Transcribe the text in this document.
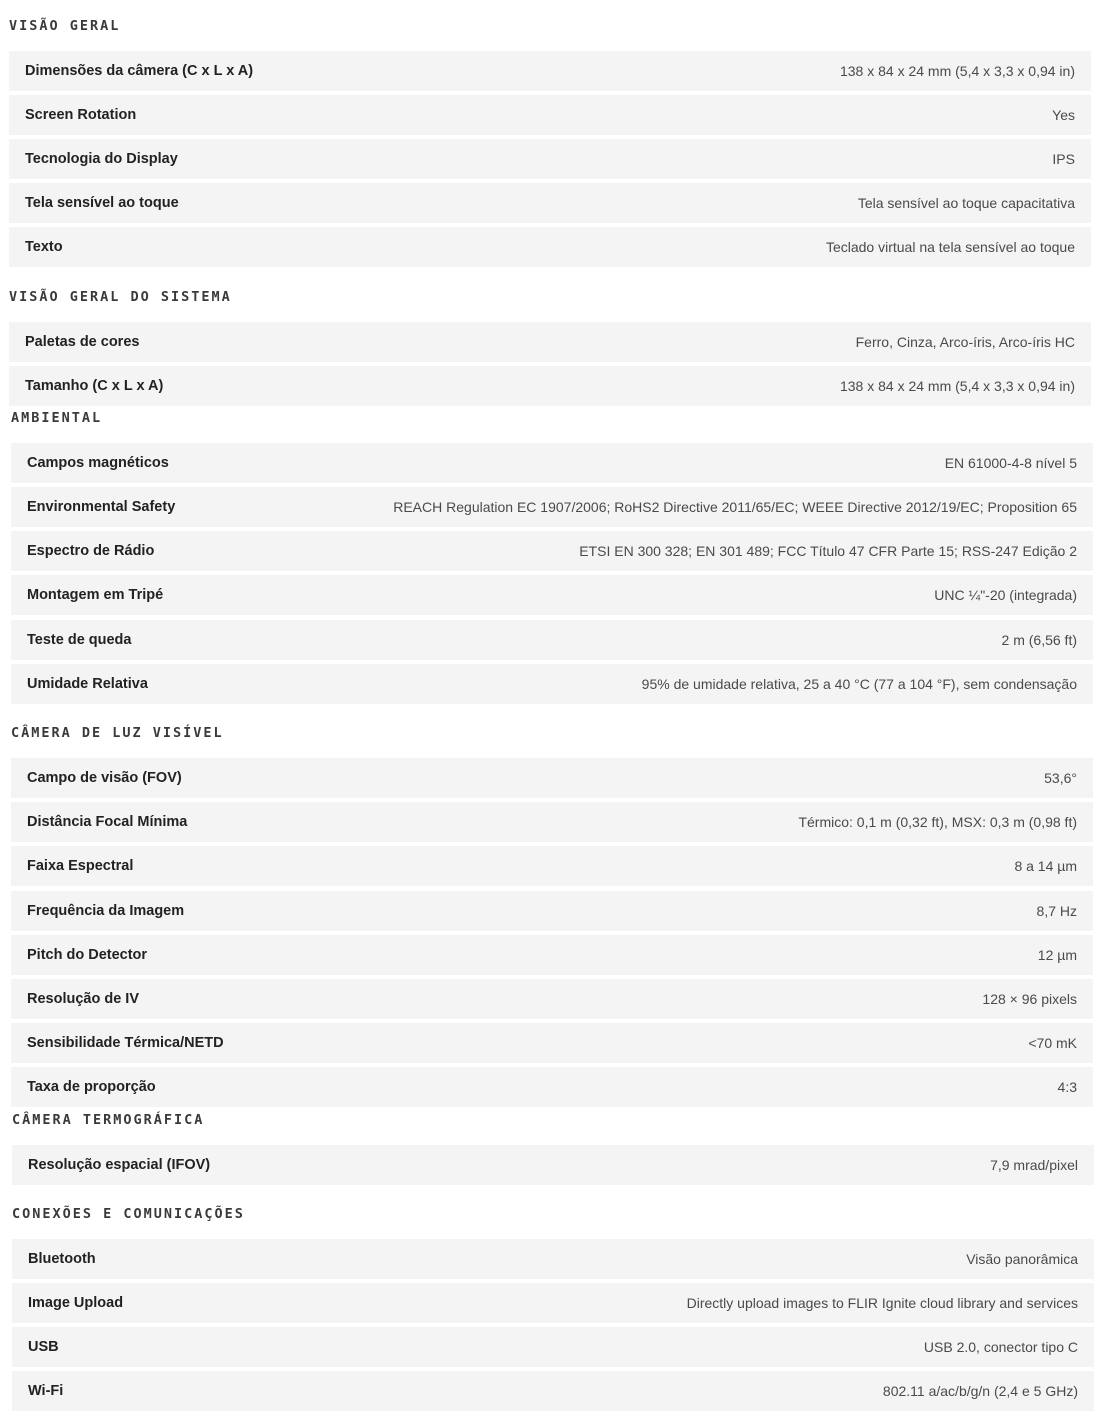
VISÃO GERAL
Dimensões da câmera (C x L x A)	138 x 84 x 24 mm (5,4 x 3,3 x 0,94 in)
Screen Rotation	Yes
Tecnologia do Display	IPS
Tela sensível ao toque	Tela sensível ao toque capacitativa
Texto	Teclado virtual na tela sensível ao toque
VISÃO GERAL DO SISTEMA
Paletas de cores	Ferro, Cinza, Arco-íris, Arco-íris HC
Tamanho (C x L x A)	138 x 84 x 24 mm (5,4 x 3,3 x 0,94 in)
AMBIENTAL
Campos magnéticos	EN 61000-4-8 nível 5
Environmental Safety	REACH Regulation EC 1907/2006; RoHS2 Directive 2011/65/EC; WEEE Directive 2012/19/EC; Proposition 65
Espectro de Rádio	ETSI EN 300 328; EN 301 489; FCC Título 47 CFR Parte 15; RSS-247 Edição 2
Montagem em Tripé	UNC ¼"-20 (integrada)
Teste de queda	2 m (6,56 ft)
Umidade Relativa	95% de umidade relativa, 25 a 40 °C (77 a 104 °F), sem condensação
CÂMERA DE LUZ VISÍVEL
Campo de visão (FOV)	53,6°
Distância Focal Mínima	Térmico: 0,1 m (0,32 ft), MSX: 0,3 m (0,98 ft)
Faixa Espectral	8 a 14 µm
Frequência da Imagem	8,7 Hz
Pitch do Detector	12 µm
Resolução de IV	128 × 96 pixels
Sensibilidade Térmica/NETD	<70 mK
Taxa de proporção	4:3
CÂMERA TERMOGRÁFICA
Resolução espacial (IFOV)	7,9 mrad/pixel
CONEXÕES E COMUNICAÇÕES
Bluetooth	Visão panorâmica
Image Upload	Directly upload images to FLIR Ignite cloud library and services
USB	USB 2.0, conector tipo C
Wi-Fi	802.11 a/ac/b/g/n (2,4 e 5 GHz)
